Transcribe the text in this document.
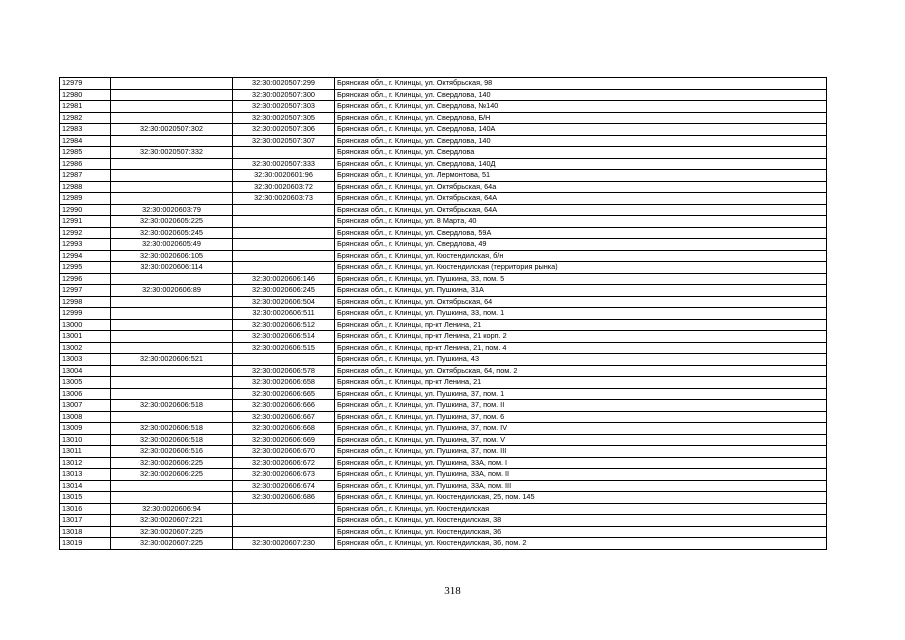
12979		32:30:0020507:299	Брянская обл., г. Клинцы, ул. Октябрьская, 98
12980		32:30:0020507:300	Брянская обл., г. Клинцы, ул. Свердлова, 140
12981		32:30:0020507:303	Брянская обл., г. Клинцы, ул. Свердлова, №140
12982		32:30:0020507:305	Брянская обл., г. Клинцы, ул. Свердлова, Б/Н
12983	32:30:0020507:302	32:30:0020507:306	Брянская обл., г. Клинцы, ул. Свердлова, 140А
12984		32:30:0020507:307	Брянская обл., г. Клинцы, ул. Свердлова, 140
12985	32:30:0020507:332		Брянская обл., г. Клинцы, ул. Свердлова
12986		32:30:0020507:333	Брянская обл., г. Клинцы, ул. Свердлова, 140Д
12987		32:30:0020601:96	Брянская обл., г. Клинцы, ул. Лермонтова, 51
12988		32:30:0020603:72	Брянская обл., г. Клинцы, ул. Октябрьская, 64а
12989		32:30:0020603:73	Брянская обл., г. Клинцы, ул. Октябрьская, 64А
12990	32:30:0020603:79		Брянская обл., г. Клинцы, ул. Октябрьская, 64А
12991	32:30:0020605:225		Брянская обл., г. Клинцы, ул. 8 Марта, 40
12992	32:30:0020605:245		Брянская обл., г. Клинцы, ул. Свердлова, 59А
12993	32:30:0020605:49		Брянская обл., г. Клинцы, ул. Свердлова, 49
12994	32:30:0020606:105		Брянская обл., г. Клинцы, ул. Кюстендилская, б/н
12995	32:30:0020606:114		Брянская обл., г. Клинцы, ул. Кюстендилская (территория рынка)
12996		32:30:0020606:146	Брянская обл., г. Клинцы, ул. Пушкина, 33, пом. 5
12997	32:30:0020606:89	32:30:0020606:245	Брянская обл., г. Клинцы, ул. Пушкина, 31А
12998		32:30:0020606:504	Брянская обл., г. Клинцы, ул. Октябрьская, 64
12999		32:30:0020606:511	Брянская обл., г. Клинцы, ул. Пушкина, 33, пом. 1
13000		32:30:0020606:512	Брянская обл., г. Клинцы, пр-кт Ленина, 21
13001		32:30:0020606:514	Брянская обл., г. Клинцы, пр-кт Ленина, 21 корп. 2
13002		32:30:0020606:515	Брянская обл., г. Клинцы, пр-кт Ленина, 21, пом. 4
13003	32:30:0020606:521		Брянская обл., г. Клинцы, ул. Пушкина, 43
13004		32:30:0020606:578	Брянская обл., г. Клинцы, ул. Октябрьская, 64, пом. 2
13005		32:30:0020606:658	Брянская обл., г. Клинцы, пр-кт Ленина, 21
13006		32:30:0020606:665	Брянская обл., г. Клинцы, ул. Пушкина, 37, пом. 1
13007	32:30:0020606:518	32:30:0020606:666	Брянская обл., г. Клинцы, ул. Пушкина, 37, пом. II
13008		32:30:0020606:667	Брянская обл., г. Клинцы, ул. Пушкина, 37, пом. 6
13009	32:30:0020606:518	32:30:0020606:668	Брянская обл., г. Клинцы, ул. Пушкина, 37, пом. IV
13010	32:30:0020606:518	32:30:0020606:669	Брянская обл., г. Клинцы, ул. Пушкина, 37, пом. V
13011	32:30:0020606:516	32:30:0020606:670	Брянская обл., г. Клинцы, ул. Пушкина, 37, пом. III
13012	32:30:0020606:225	32:30:0020606:672	Брянская обл., г. Клинцы, ул. Пушкина, 33А, пом. I
13013	32:30:0020606:225	32:30:0020606:673	Брянская обл., г. Клинцы, ул. Пушкина, 33А, пом. II
13014		32:30:0020606:674	Брянская обл., г. Клинцы, ул. Пушкина, 33А, пом. III
13015		32:30:0020606:686	Брянская обл., г. Клинцы, ул. Кюстендилская, 25, пом. 145
13016	32:30:0020606:94		Брянская обл., г. Клинцы, ул. Кюстендилская
13017	32:30:0020607:221		Брянская обл., г. Клинцы, ул. Кюстендилская, 38
13018	32:30:0020607:225		Брянская обл., г. Клинцы, ул. Кюстендилская, 36
13019	32:30:0020607:225	32:30:0020607:230	Брянская обл., г. Клинцы, ул. Кюстендилская, 36, пом. 2
318
